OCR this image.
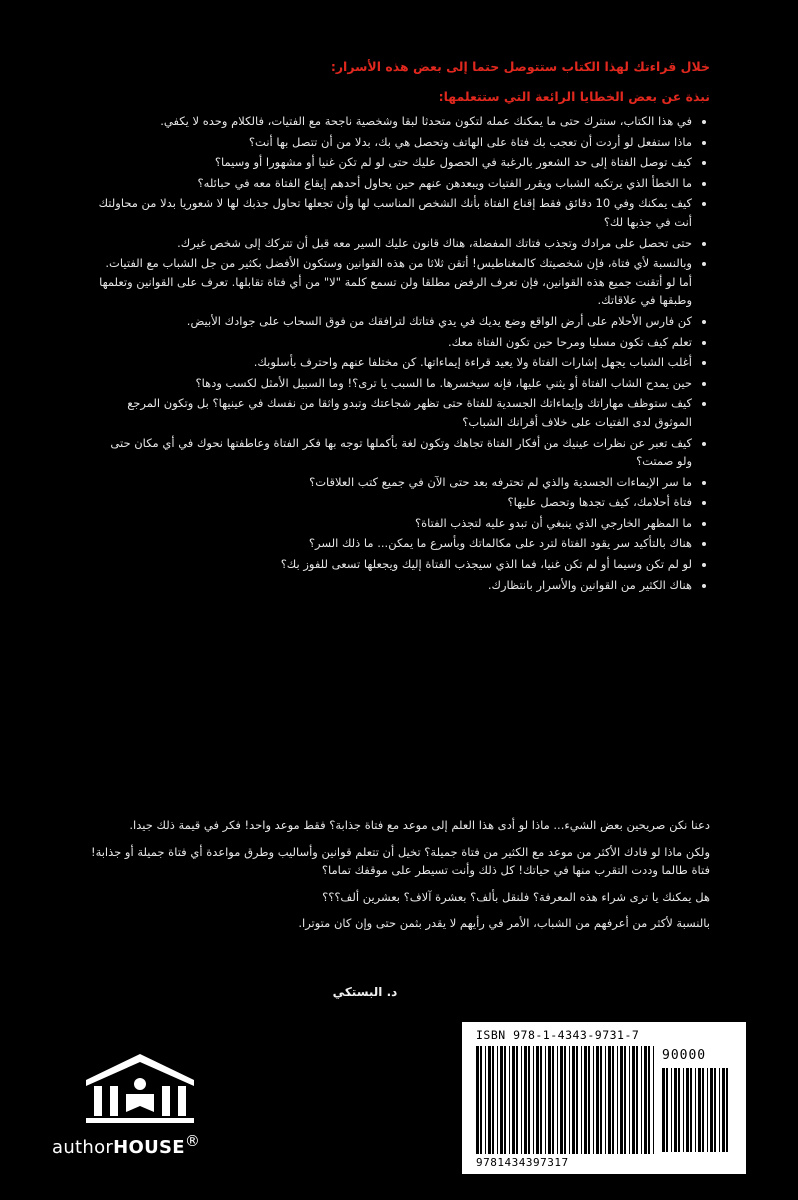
خلال قراءتك لهذا الكتاب ستتوصل حتما إلى بعض هذه الأسرار:
نبذة عن بعض الخطايا الرائعة التي ستتعلمها:
• في هذا الكتاب، سنترك حتى ما يمكنك عمله لتكون متحدثا لبقا وشخصية ناجحة مع الفتيات، فالكلام وحده لا يكفي.
• ماذا ستفعل لو أردت أن تعجب بك فتاة على الهاتف وتحصل هي بك، بدلا من أن تتصل بها أنت؟
• كيف توصل الفتاة إلى حد الشعور بالرغبة في الحصول عليك حتى لو لم تكن غنيا أو مشهورا أو وسيما؟
• ما الخطأ الذي يرتكبه الشباب ويقرر الفتيات ويبعدهن عنهم حين يحاول أحدهم إيقاع الفتاة معه في حبائله؟
• كيف يمكنك وفي 10 دقائق فقط إقناع الفتاة بأنك الشخص المناسب لها وأن تجعلها تحاول جذبك لها لا شعوريا بدلا من محاولتك أنت في جذبها لك؟
• حتى تحصل على مرادك وتجذب فتاتك المفضلة، هناك قانون عليك السير معه قبل أن تتركك إلى شخص غيرك.
• وبالنسبة لأي فتاة، فإن شخصيتك كالمغناطيس! أتقن ثلاثا من هذه القوانين وستكون الأفضل بكثير من جل الشباب مع الفتيات. أما لو أتقنت جميع هذه القوانين، فإن تعرف الرفض مطلقا ولن تسمع كلمة "لا" من أي فتاة تقابلها. تعرف على القوانين وتعلمها وطبقها في علاقاتك.
• كن فارس الأحلام على أرض الواقع وضع يديك في يدي فتاتك لترافقك من فوق السحاب على جوادك الأبيض.
• تعلم كيف تكون مسليا ومرحا حين تكون الفتاة معك.
• أغلب الشباب يجهل إشارات الفتاة ولا يعيد قراءة إيماءاتها. كن مختلفا عنهم واحترف بأسلوبك.
• حين يمدح الشاب الفتاة أو يثني عليها، فإنه سيخسرها. ما السبب يا ترى؟! وما السبيل الأمثل لكسب ودها؟
• كيف ستوظف مهاراتك وإيماءاتك الجسدية للفتاة حتى تظهر شجاعتك وتبدو واثقا من نفسك في عينيها؟ بل وتكون المرجع الموثوق لدى الفتيات على خلاف أقرانك الشباب؟
• كيف تعبر عن نظرات عينيك من أفكار الفتاة تجاهك وتكون لغة بأكملها توجه بها فكر الفتاة وعاطفتها نحوك في أي مكان حتى ولو صمتت؟
• ما سر الإيماءات الجسدية والذي لم تحترفه بعد حتى الآن في جميع كتب العلاقات؟
• فتاة أحلامك، كيف تجدها وتحصل عليها؟
• ما المظهر الخارجي الذي ينبغي أن تبدو عليه لتجذب الفتاة؟
• هناك بالتأكيد سر يقود الفتاة لترد على مكالماتك وبأسرع ما يمكن... ما ذلك السر؟
• لو لم تكن وسيما أو لم تكن غنيا، فما الذي سيجذب الفتاة إليك ويجعلها تسعى للفوز بك؟
• هناك الكثير من القوانين والأسرار بانتظارك.

دعنا نكن صريحين بعض الشيء... ماذا لو أدى هذا العلم إلى موعد مع فتاة جذابة؟ فقط موعد واحد! فكر في قيمة ذلك جيدا.

ولكن ماذا لو قادك الأكثر من موعد مع الكثير من فتاة جميلة؟ تخيل أن تتعلم قوانين وأساليب وطرق مواعدة أي فتاة جميلة أو جذابة! فتاة طالما وددت التقرب منها في حياتك! كل ذلك وأنت تسيطر على موقفك تماما؟

هل يمكنك يا ترى شراء هذه المعرفة؟ فلنقل بألف؟ بعشرة آلاف؟ بعشرين ألف؟؟؟

بالنسبة لأكثر من أعرفهم من الشباب، الأمر في رأيهم لا يقدر بثمن حتى وإن كان متوترا.

د. البستكي
authorHOUSE®
ISBN 978-1-4343-9731-7
90000
9781434397317
